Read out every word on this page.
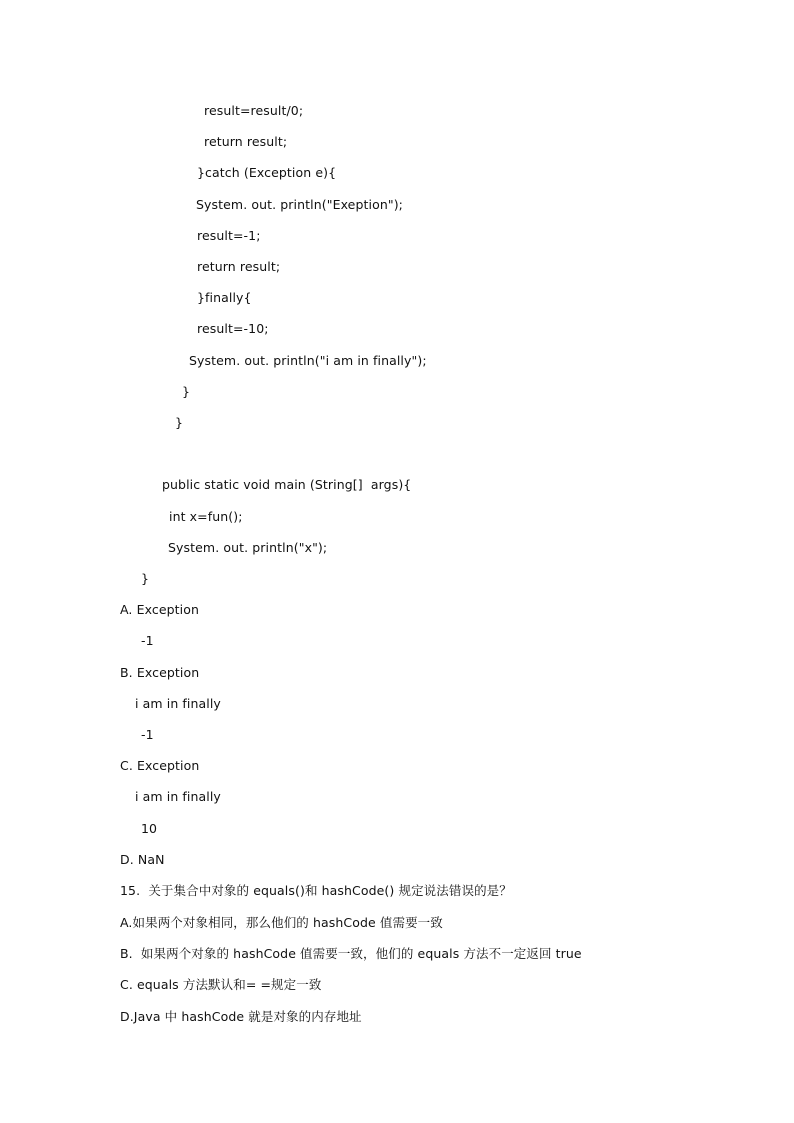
result=result/0;
return result;
}catch (Exception e){
System. out. println("Exeption");
result=-1;
return result;
}finally{
result=-10;
System. out. println("i am in finally");
}
}
public static void main (String[]  args){
int x=fun();
System. out. println("x");
}
A. Exception
-1
B. Exception
i am in finally
-1
C. Exception
i am in finally
10
D. NaN
15.  关于集合中对象的 equals()和 hashCode() 规定说法错误的是？
A.如果两个对象相同，那么他们的 hashCode 值需要一致
B.  如果两个对象的 hashCode 值需要一致，他们的 equals 方法不一定返回 true
C. equals 方法默认和= =规定一致
D.Java 中 hashCode 就是对象的内存地址
